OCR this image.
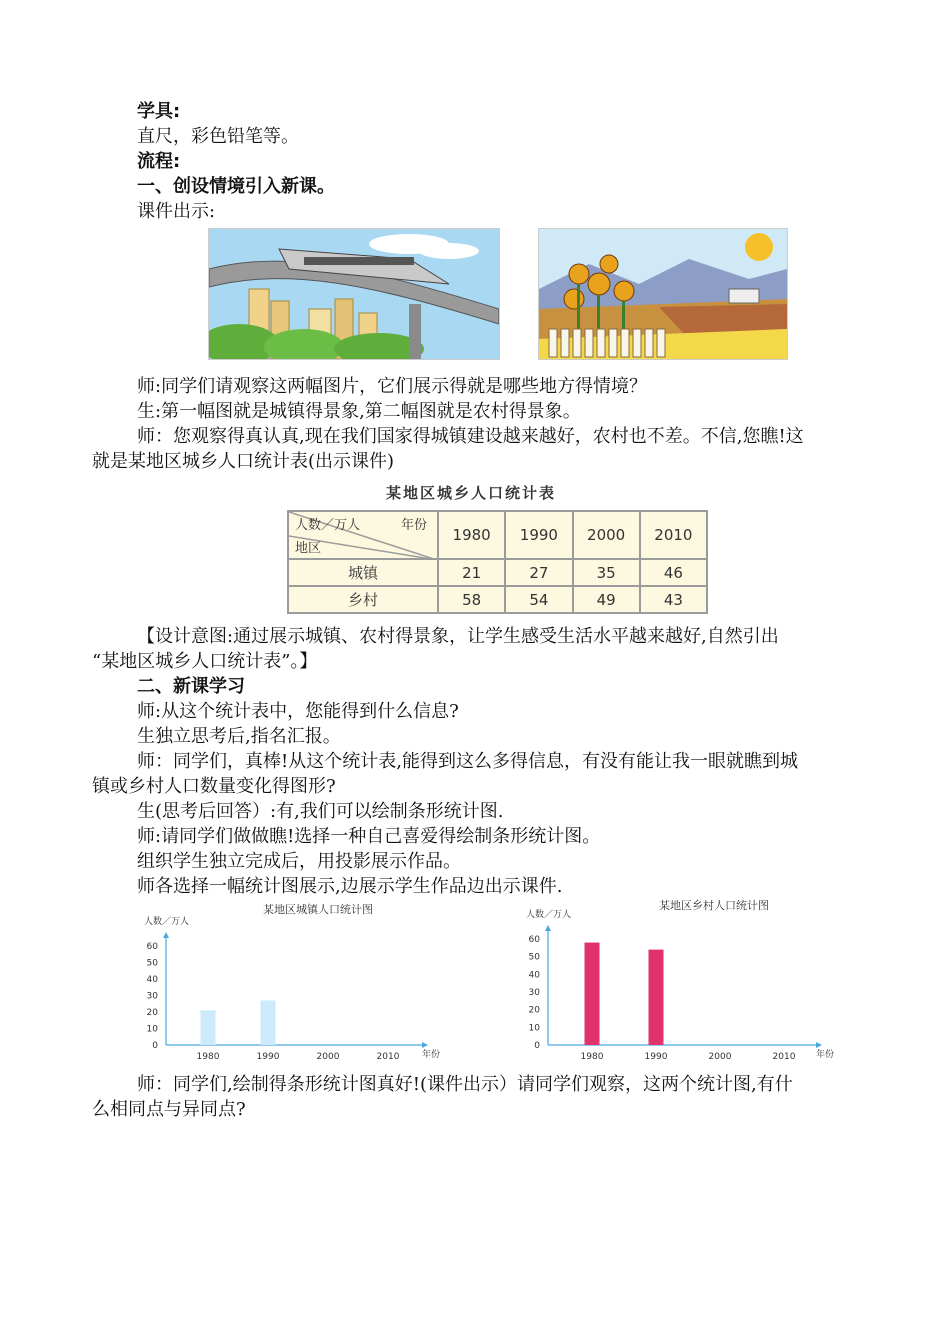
学具:
直尺，彩色铅笔等。
流程:
一、创设情境引入新课。
课件出示:
师:同学们请观察这两幅图片，它们展示得就是哪些地方得情境？
生:第一幅图就是城镇得景象,第二幅图就是农村得景象。
师：您观察得真认真,现在我们国家得城镇建设越来越好，农村也不差。不信,您瞧!这
就是某地区城乡人口统计表(出示课件)
某地区城乡人口统计表
年份
人数／万人
地区	1980	1990	2000	2010
城镇	21	27	35	46
乡村	58	54	49	43
【设计意图:通过展示城镇、农村得景象，让学生感受生活水平越来越好,自然引出
“某地区城乡人口统计表”。】
二、新课学习
师:从这个统计表中，您能得到什么信息?
生独立思考后,指名汇报。
师：同学们，真棒!从这个统计表,能得到这么多得信息，有没有能让我一眼就瞧到城
镇或乡村人口数量变化得图形?
生(思考后回答）:有,我们可以绘制条形统计图.
师:请同学们做做瞧!选择一种自己喜爱得绘制条形统计图。
组织学生独立完成后，用投影展示作品。
师各选择一幅统计图展示,边展示学生作品边出示课件.
某地区城镇人口统计图
人数／万人
年份
0
10
20
30
40
50
60
1980	1990	2000	2010
某地区乡村人口统计图
人数／万人
年份
0
10
20
30
40
50
60
1980	1990	2000	2010
师：同学们,绘制得条形统计图真好!(课件出示）请同学们观察，这两个统计图,有什
么相同点与异同点?
